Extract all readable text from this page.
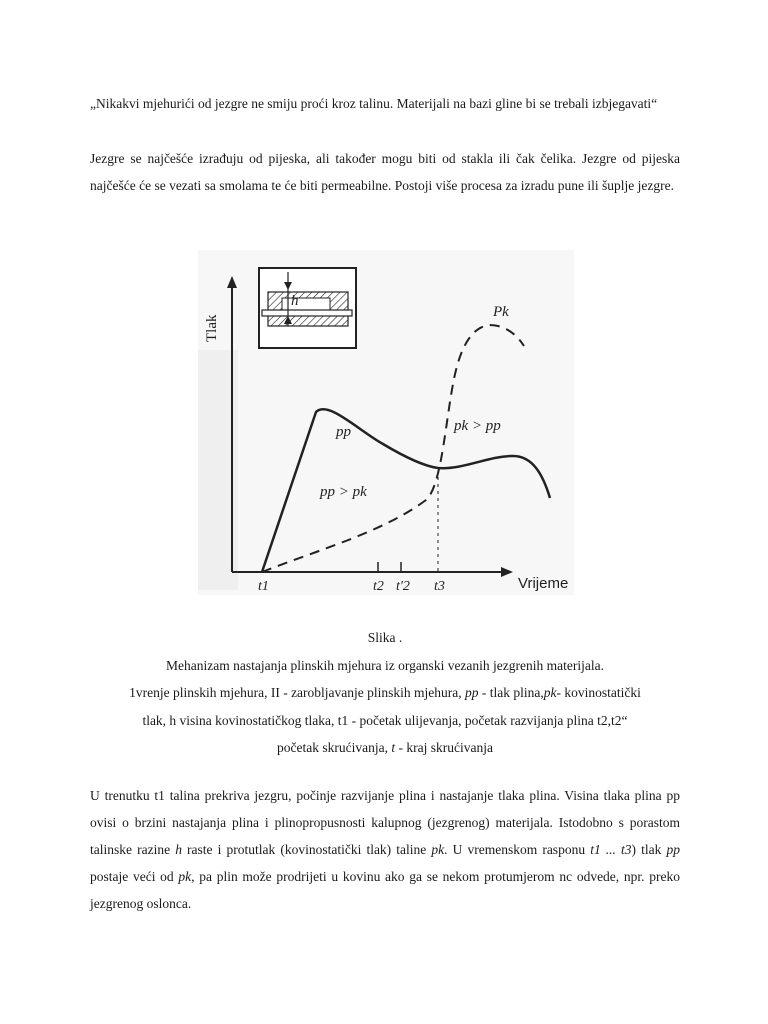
„Nikakvi mjehurići od jezgre ne smiju proći kroz talinu. Materijali na bazi gline bi se trebali izbjegavati“

Jezgre se najčešće izrađuju od pijeska, ali također mogu biti od stakla ili čak čelika. Jezgre od pijeska najčešće će se vezati sa smolama te će biti permeabilne. Postoji više procesa za izradu pune ili šuplje jezgre.

Tlak
Vrijeme
h
Pk
pp	pk > pp
pp > pk
t1	t2 t'2 t3
Slika .
Mehanizam nastajanja plinskih mjehura iz organski vezanih jezgrenih materijala.
1vrenje plinskih mjehura, II - zarobljavanje plinskih mjehura, pp - tlak plina,pk- kovinostatički
tlak, h visina kovinostatičkog tlaka, t1 - početak ulijevanja, početak razvijanja plina t2,t2“
početak skrućivanja, t - kraj skrućivanja

U trenutku t1 talina prekriva jezgru, počinje razvijanje plina i nastajanje tlaka plina. Visina tlaka plina pp ovisi o brzini nastajanja plina i plinopropusnosti kalupnog (jezgrenog) materijala. Istodobno s porastom talinske razine h raste i protutlak (kovinostatički tlak) taline pk. U vremenskom rasponu t1 ... t3) tlak pp postaje veći od pk, pa plin može prodrijeti u kovinu ako ga se nekom protumjerom nc odvede, npr. preko jezgrenog oslonca.
